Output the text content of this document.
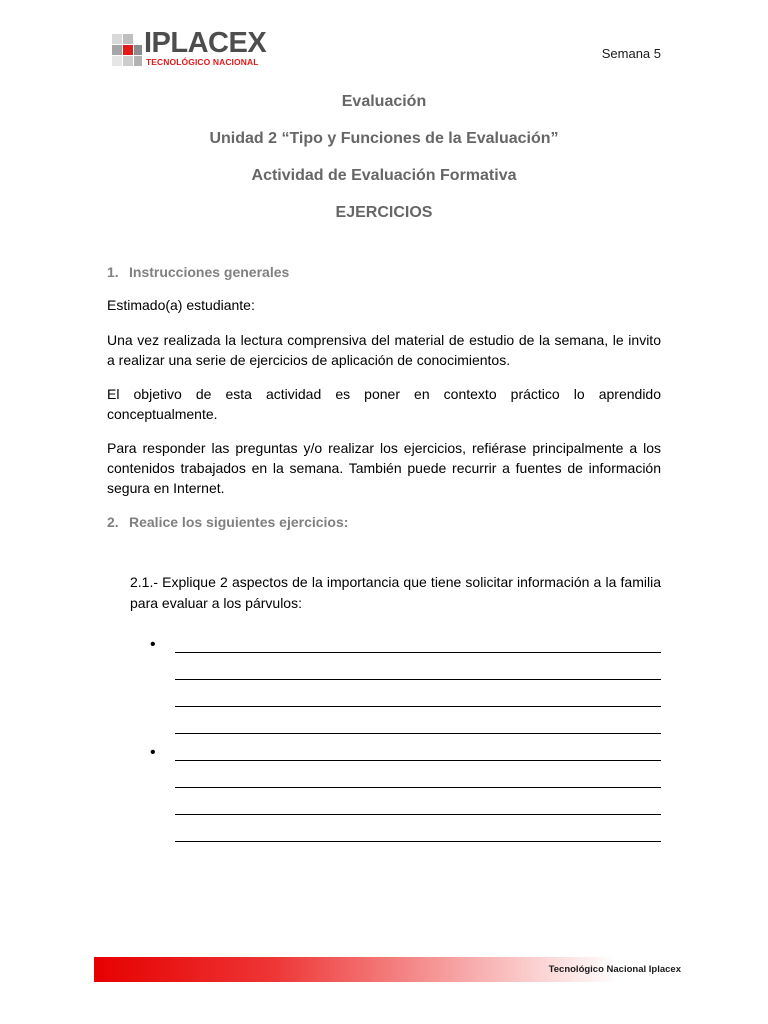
IPLACEX
TECNOLÓGICO NACIONAL
Semana 5
Evaluación
Unidad 2 “Tipo y Funciones de la Evaluación”
Actividad de Evaluación Formativa
EJERCICIOS
1. Instrucciones generales

Estimado(a) estudiante:

Una vez realizada la lectura comprensiva del material de estudio de la semana, le invito a realizar una serie de ejercicios de aplicación de conocimientos.

El objetivo de esta actividad es poner en contexto práctico lo aprendido conceptualmente.

Para responder las preguntas y/o realizar los ejercicios, refiérase principalmente a los contenidos trabajados en la semana. También puede recurrir a fuentes de información segura en Internet.

2. Realice los siguientes ejercicios:

2.1.- Explique 2 aspectos de la importancia que tiene solicitar información a la familia para evaluar a los párvulos:

•
•
Tecnológico Nacional Iplacex
